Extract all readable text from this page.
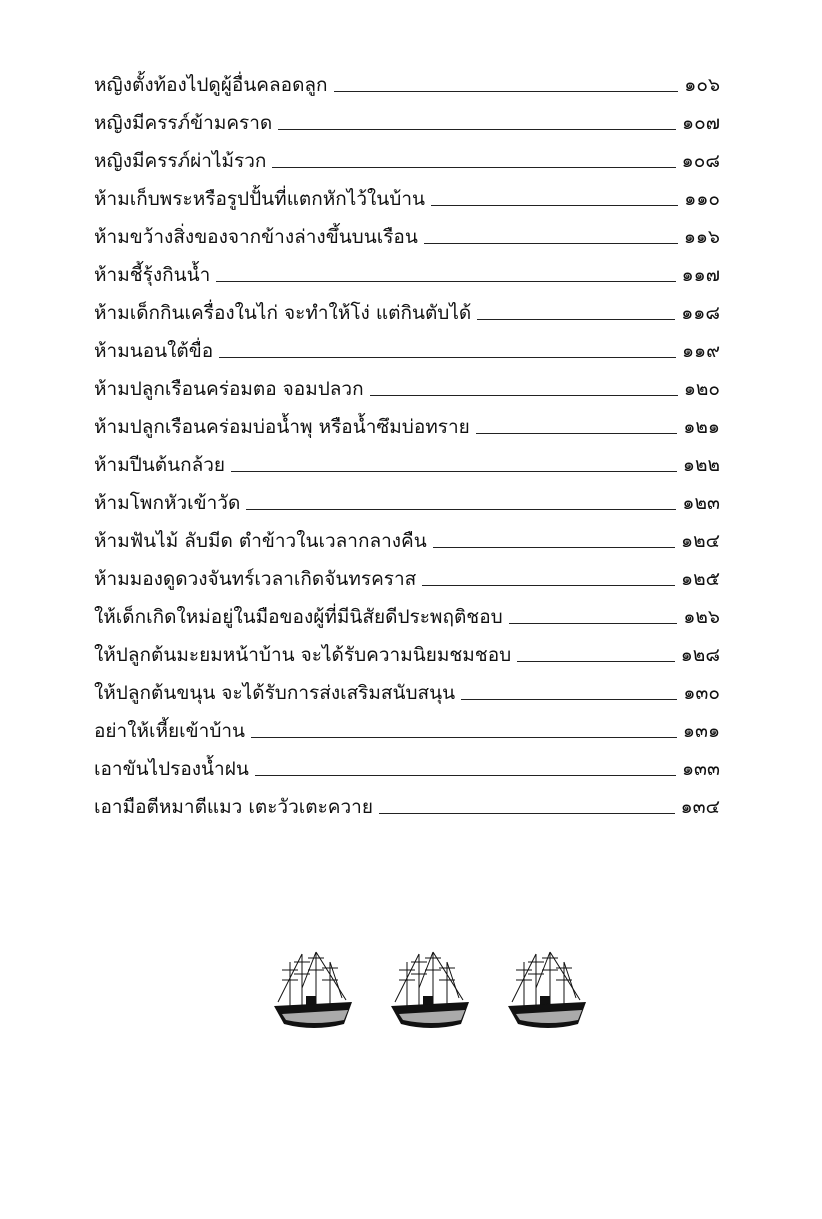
หญิงตั้งท้องไปดูผู้อื่นคลอดลูก	๑๐๖
หญิงมีครรภ์ข้ามคราด	๑๐๗
หญิงมีครรภ์ผ่าไม้รวก	๑๐๘
ห้ามเก็บพระหรือรูปปั้นที่แตกหักไว้ในบ้าน	๑๑๐
ห้ามขว้างสิ่งของจากข้างล่างขึ้นบนเรือน	๑๑๖
ห้ามชี้รุ้งกินน้ำ	๑๑๗
ห้ามเด็กกินเครื่องในไก่ จะทำให้โง่ แต่กินตับได้	๑๑๘
ห้ามนอนใต้ขื่อ	๑๑๙
ห้ามปลูกเรือนคร่อมตอ จอมปลวก	๑๒๐
ห้ามปลูกเรือนคร่อมบ่อน้ำพุ หรือน้ำซึมบ่อทราย	๑๒๑
ห้ามปีนต้นกล้วย	๑๒๒
ห้ามโพกหัวเข้าวัด	๑๒๓
ห้ามฟันไม้ ลับมีด ตำข้าวในเวลากลางคืน	๑๒๔
ห้ามมองดูดวงจันทร์เวลาเกิดจันทรคราส	๑๒๕
ให้เด็กเกิดใหม่อยู่ในมือของผู้ที่มีนิสัยดีประพฤติชอบ	๑๒๖
ให้ปลูกต้นมะยมหน้าบ้าน จะได้รับความนิยมชมชอบ	๑๒๘
ให้ปลูกต้นขนุน จะได้รับการส่งเสริมสนับสนุน	๑๓๐
อย่าให้เหี้ยเข้าบ้าน	๑๓๑
เอาขันไปรองน้ำฝน	๑๓๓
เอามือตีหมาตีแมว เตะวัวเตะควาย	๑๓๔
